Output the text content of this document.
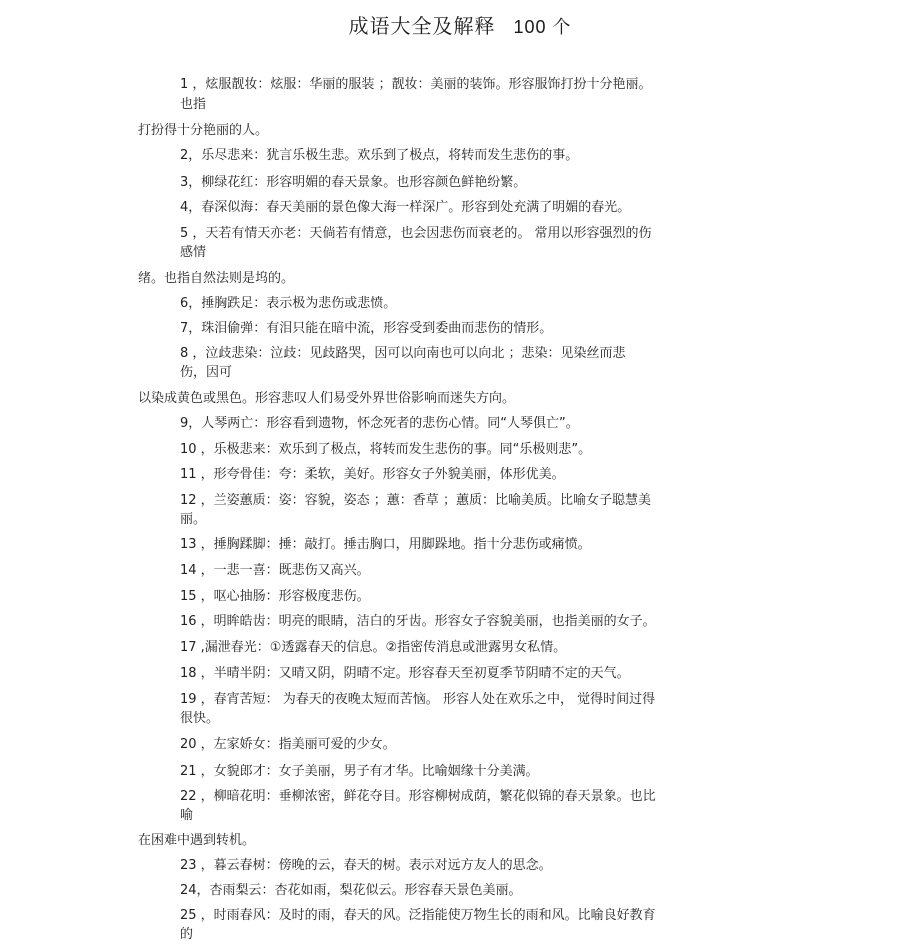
成语大全及解释 100 个
1 ，炫服靓妆：炫服：华丽的服装 ；靓妆：美丽的装饰。形容服饰打扮十分艳丽。
也指
打扮得十分艳丽的人。
2，乐尽悲来：犹言乐极生悲。欢乐到了极点，将转而发生悲伤的事。
3，柳绿花红：形容明媚的春天景象。也形容颜色鲜艳纷繁。
4，春深似海：春天美丽的景色像大海一样深广。形容到处充满了明媚的春光。
5 ，天若有情天亦老：天倘若有情意，也会因悲伤而衰老的。 常用以形容强烈的伤
感情
绪。也指自然法则是坞的。
6，捶胸跌足：表示极为悲伤或悲愤。
7，珠泪偷弹：有泪只能在暗中流，形容受到委曲而悲伤的情形。
8 ，泣歧悲染：泣歧：见歧路哭，因可以向南也可以向北 ；悲染：见染丝而悲
伤，因可
以染成黄色或黑色。形容悲叹人们易受外界世俗影响而迷失方向。
9，人琴两亡：形容看到遗物，怀念死者的悲伤心情。同“人琴俱亡”。
10 ，乐极悲来：欢乐到了极点，将转而发生悲伤的事。同“乐极则悲”。
11 ，形夸骨佳：夸：柔软，美好。形容女子外貌美丽，体形优美。
12 ，兰姿蕙质：姿：容貌，姿态 ；蕙：香草 ；蕙质：比喻美质。比喻女子聪慧美
丽。
13 ，捶胸蹂脚：捶：敲打。捶击胸口，用脚跺地。指十分悲伤或痛愤。
14 ，一悲一喜：既悲伤又高兴。
15 ，呕心抽肠：形容极度悲伤。
16 ，明眸皓齿：明亮的眼睛，洁白的牙齿。形容女子容貌美丽，也指美丽的女子。
17 ,漏泄春光：①透露春天的信息。②指密传消息或泄露男女私情。
18 ，半晴半阴：又晴又阴，阴晴不定。形容春天至初夏季节阴晴不定的天气。
19 ，春宵苦短： 为春天的夜晚太短而苦恼。 形容人处在欢乐之中， 觉得时间过得
很快。
20 ，左家娇女：指美丽可爱的少女。
21 ，女貌郎才：女子美丽，男子有才华。比喻姻缘十分美满。
22 ，柳暗花明：垂柳浓密，鲜花夺目。形容柳树成荫，繁花似锦的春天景象。也比
喻
在困难中遇到转机。
23 ，暮云春树：傍晚的云，春天的树。表示对远方友人的思念。
24，杏雨梨云：杏花如雨，梨花似云。形容春天景色美丽。
25 ，时雨春风：及时的雨，春天的风。泛指能使万物生长的雨和风。比喻良好教育
的
